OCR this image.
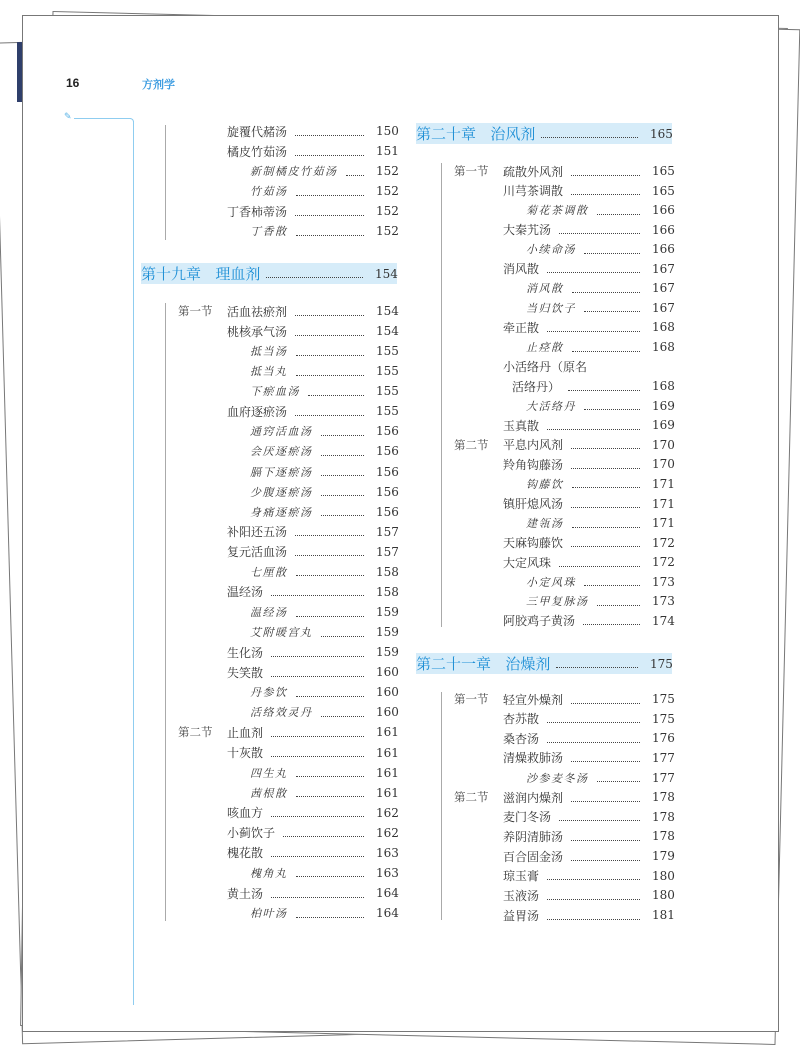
16	方剂学
✎
旋覆代赭汤	150
橘皮竹茹汤	151
新制橘皮竹茹汤	152
竹茹汤	152
丁香柿蒂汤	152
丁香散	152
第十九章 理血剂	154
第一节 活血祛瘀剂	154
桃核承气汤	154
抵当汤	155
抵当丸	155
下瘀血汤	155
血府逐瘀汤	155
通窍活血汤	156
会厌逐瘀汤	156
膈下逐瘀汤	156
少腹逐瘀汤	156
身痛逐瘀汤	156
补阳还五汤	157
复元活血汤	157
七厘散	158
温经汤	158
温经汤	159
艾附暖宫丸	159
生化汤	159
失笑散	160
丹参饮	160
活络效灵丹	160
第二节 止血剂	161
十灰散	161
四生丸	161
茜根散	161
咳血方	162
小蓟饮子	162
槐花散	163
槐角丸	163
黄土汤	164
柏叶汤	164
第二十章 治风剂	165
第一节 疏散外风剂	165
川芎茶调散	165
菊花茶调散	166
大秦艽汤	166
小续命汤	166
消风散	167
消风散	167
当归饮子	167
牵正散	168
止痉散	168
小活络丹（原名
活络丹）	168
大活络丹	169
玉真散	169
第二节 平息内风剂	170
羚角钩藤汤	170
钩藤饮	171
镇肝熄风汤	171
建瓴汤	171
天麻钩藤饮	172
大定风珠	172
小定风珠	173
三甲复脉汤	173
阿胶鸡子黄汤	174
第二十一章 治燥剂	175
第一节 轻宣外燥剂	175
杏苏散	175
桑杏汤	176
清燥救肺汤	177
沙参麦冬汤	177
第二节 滋润内燥剂	178
麦门冬汤	178
养阴清肺汤	178
百合固金汤	179
琼玉膏	180
玉液汤	180
益胃汤	181
